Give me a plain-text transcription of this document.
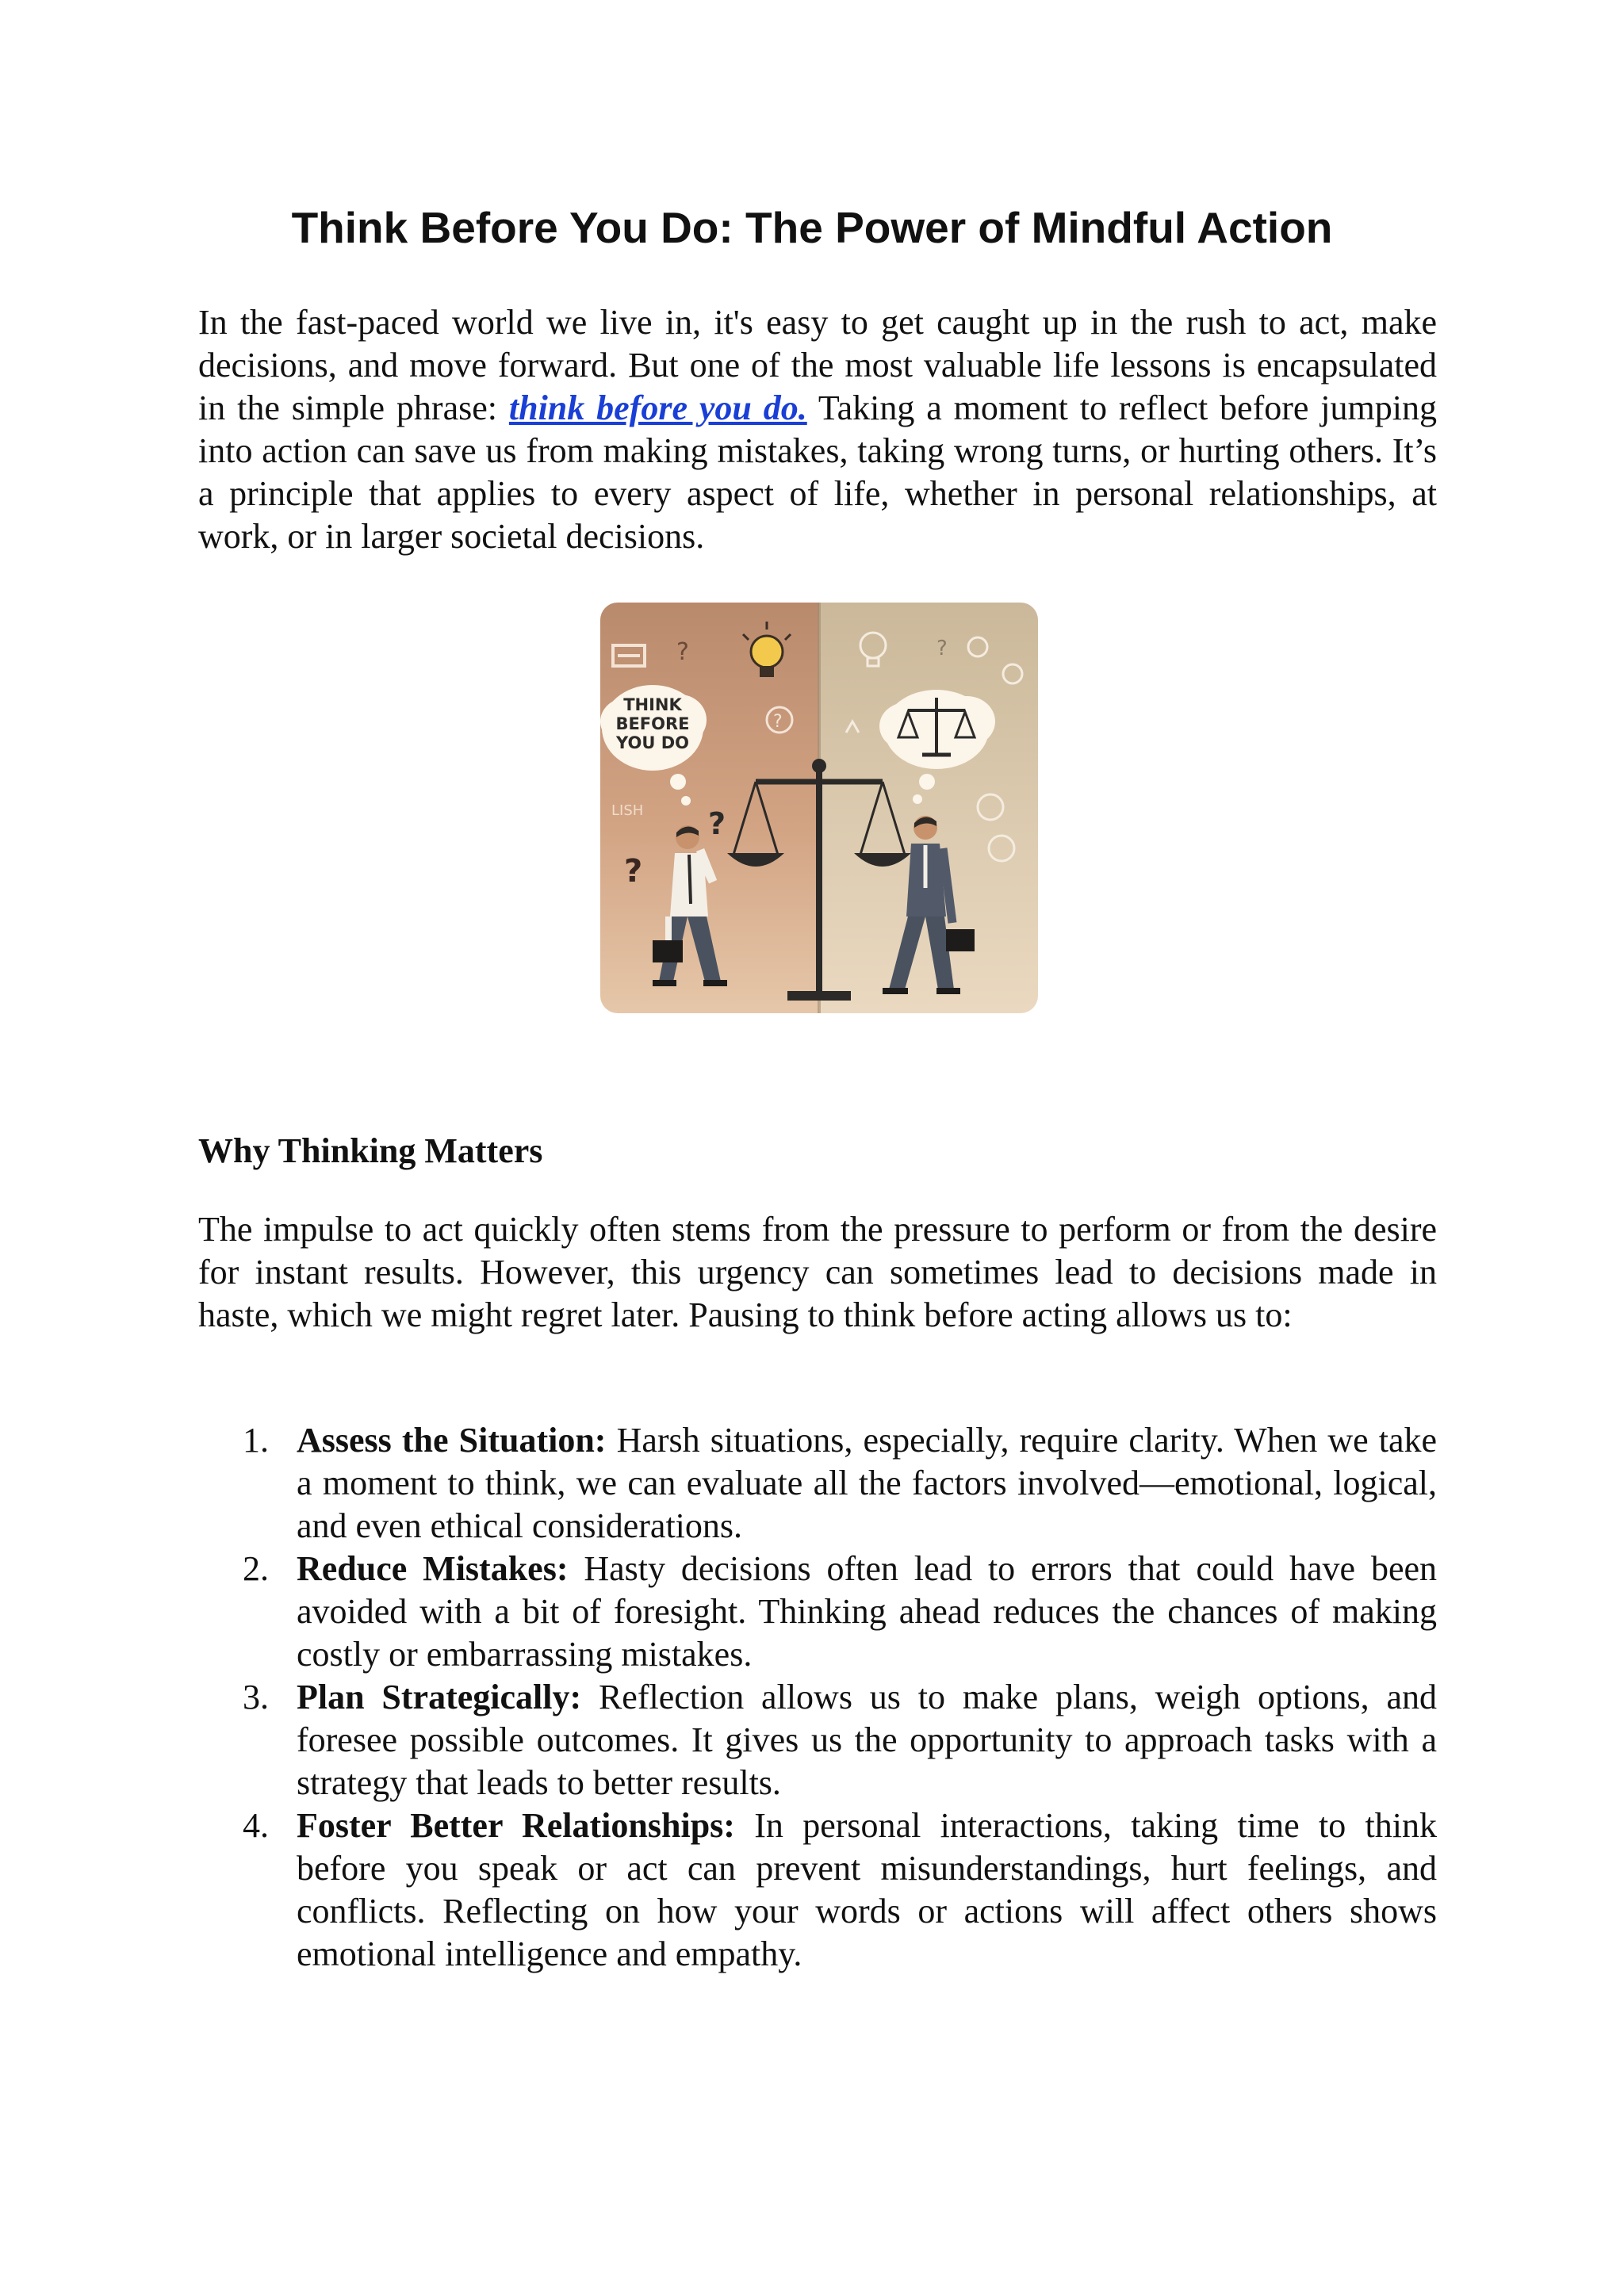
Think Before You Do: The Power of Mindful Action

In the fast-paced world we live in, it's easy to get caught up in the rush to act, make decisions, and move forward. But one of the most valuable life lessons is encapsulated in the simple phrase: think before you do. Taking a moment to reflect before jumping into action can save us from making mistakes, taking wrong turns, or hurting others. It’s a principle that applies to every aspect of life, whether in personal relationships, at work, or in larger societal decisions.

?
THINK
BEFORE
YOU DO
?
LISH ?
?
?
Why Thinking Matters

The impulse to act quickly often stems from the pressure to perform or from the desire for instant results. However, this urgency can sometimes lead to decisions made in haste, which we might regret later. Pausing to think before acting allows us to:

1. Assess the Situation: Harsh situations, especially, require clarity. When we take a moment to think, we can evaluate all the factors involved—emotional, logical, and even ethical considerations.
2. Reduce Mistakes: Hasty decisions often lead to errors that could have been avoided with a bit of foresight. Thinking ahead reduces the chances of making costly or embarrassing mistakes.
3. Plan Strategically: Reflection allows us to make plans, weigh options, and foresee possible outcomes. It gives us the opportunity to approach tasks with a strategy that leads to better results.
4. Foster Better Relationships: In personal interactions, taking time to think before you speak or act can prevent misunderstandings, hurt feelings, and conflicts. Reflecting on how your words or actions will affect others shows emotional intelligence and empathy.
